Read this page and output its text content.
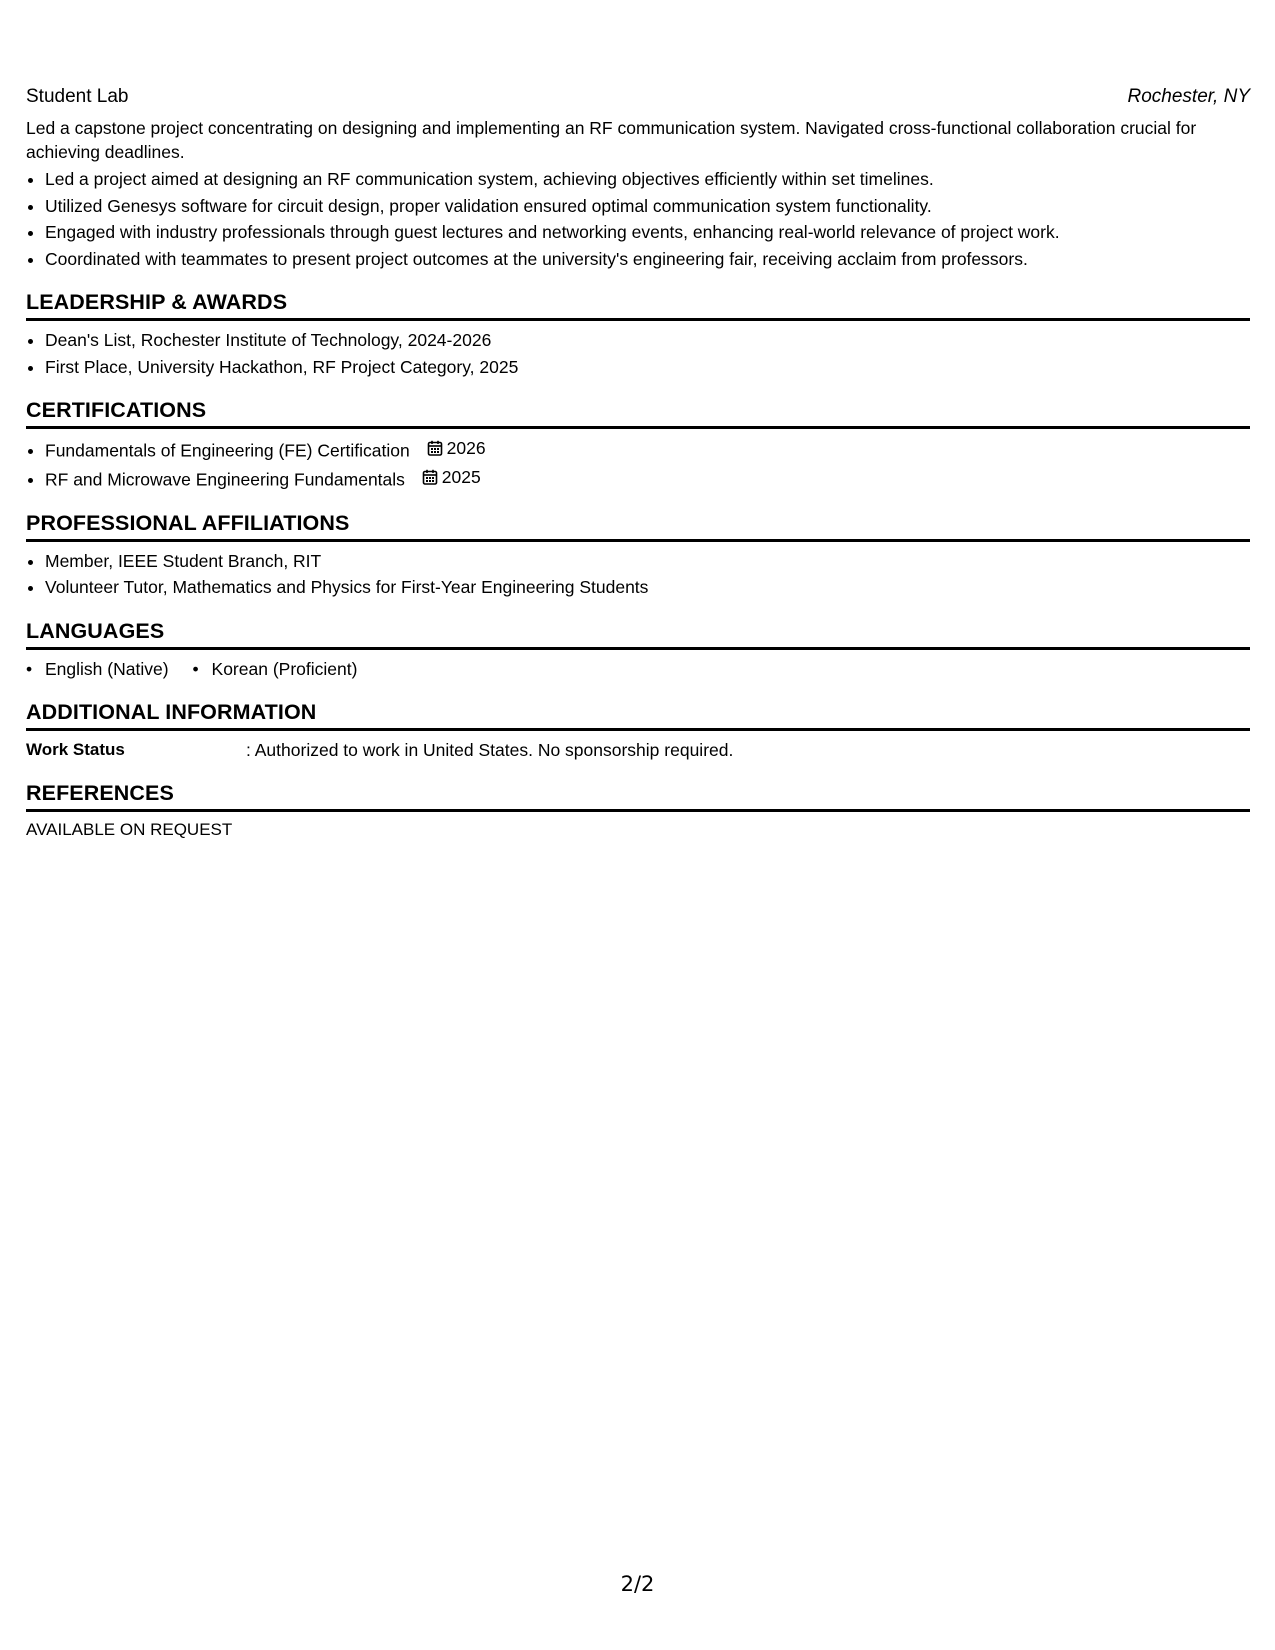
Student Lab	Rochester, NY
Led a capstone project concentrating on designing and implementing an RF communication system. Navigated cross-functional collaboration crucial for achieving deadlines.
• Led a project aimed at designing an RF communication system, achieving objectives efficiently within set timelines.
• Utilized Genesys software for circuit design, proper validation ensured optimal communication system functionality.
• Engaged with industry professionals through guest lectures and networking events, enhancing real-world relevance of project work.
• Coordinated with teammates to present project outcomes at the university's engineering fair, receiving acclaim from professors.
LEADERSHIP & AWARDS
• Dean's List, Rochester Institute of Technology, 2024-2026
• First Place, University Hackathon, RF Project Category, 2025
CERTIFICATIONS
• Fundamentals of Engineering (FE) Certification 2026
• RF and Microwave Engineering Fundamentals 2025
PROFESSIONAL AFFILIATIONS
• Member, IEEE Student Branch, RIT
• Volunteer Tutor, Mathematics and Physics for First-Year Engineering Students
LANGUAGES
• English (Native)
•	Korean (Proficient)
ADDITIONAL INFORMATION
Work Status	: Authorized to work in United States. No sponsorship required.
REFERENCES
AVAILABLE ON REQUEST
2/2
